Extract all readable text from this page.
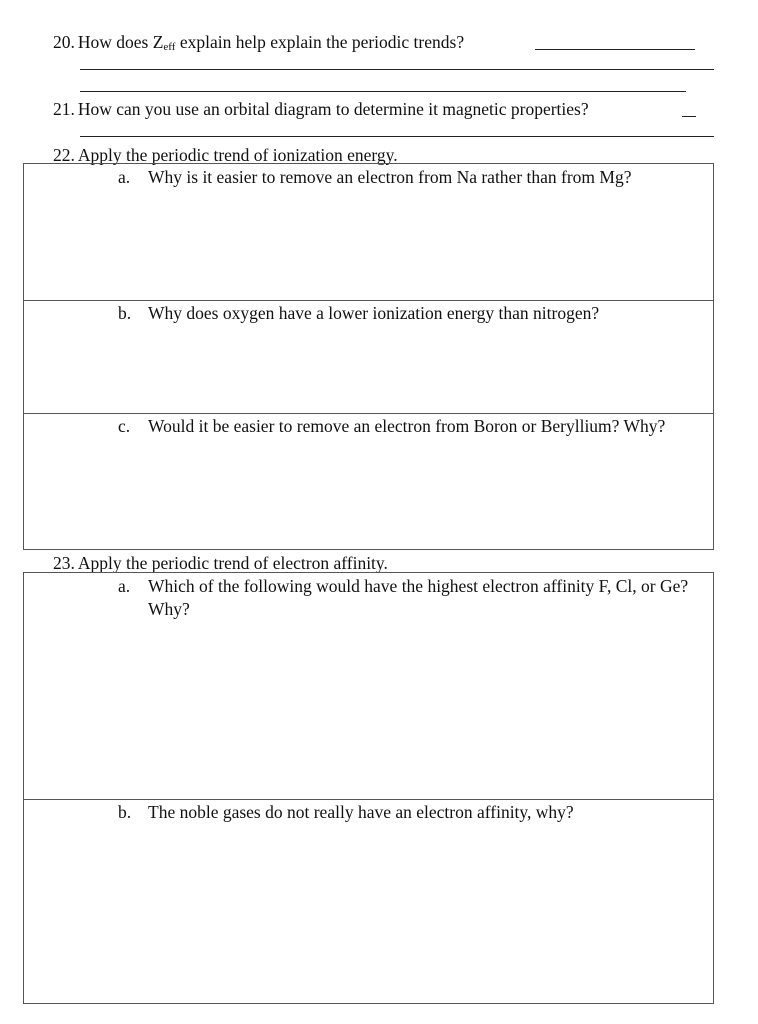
20. How does $Z_{eff}$ explain help explain the periodic trends?
21. How can you use an orbital diagram to determine it magnetic properties?
22. Apply the periodic trend of ionization energy.
a.	Why is it easier to remove an electron from Na rather than from Mg?
b. Why does oxygen have a lower ionization energy than nitrogen?
c.	Would it be easier to remove an electron from Boron or Beryllium? Why?
23. Apply the periodic trend of electron affinity.
a.	Which of the following would have the highest electron affinity F, Cl, or Ge? Why?
b. The noble gases do not really have an electron affinity, why?
